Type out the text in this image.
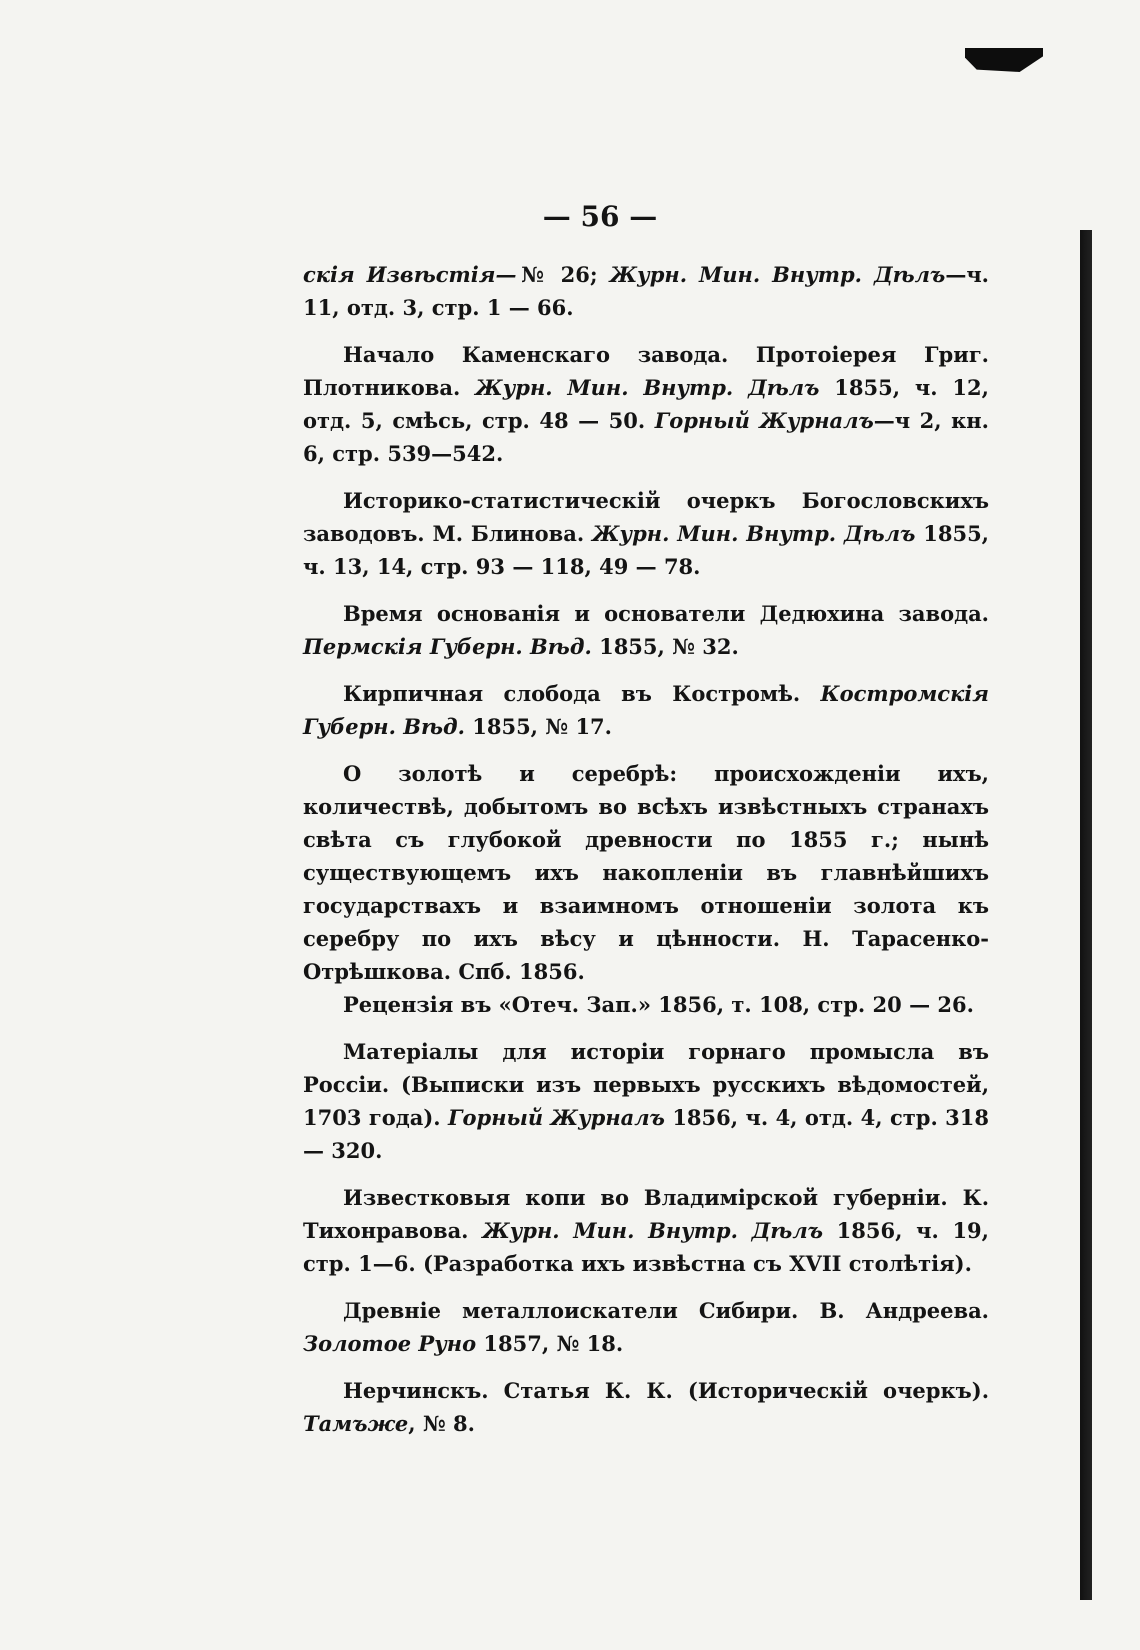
— 56 —

скія Извѣстія—№ 26; Журн. Мин. Внутр. Дѣлъ—ч. 11, отд. 3, стр. 1 — 66.

Начало Каменскаго завода. Протоіерея Григ. Плотникова. Журн. Мин. Внутр. Дѣлъ 1855, ч. 12, отд. 5, смѣсь, стр. 48 — 50. Горный Журналъ—ч 2, кн. 6, стр. 539—542.

Историко-статистическій очеркъ Богословскихъ заводовъ. М. Блинова. Журн. Мин. Внутр. Дѣлъ 1855, ч. 13, 14, стр. 93 — 118, 49 — 78.

Время основанія и основатели Дедюхина завода. Пермскія Губерн. Вѣд. 1855, № 32.

Кирпичная слобода въ Костромѣ. Костромскія Губерн. Вѣд. 1855, № 17.

О золотѣ и серебрѣ: происхожденіи ихъ, количествѣ, добытомъ во всѣхъ извѣстныхъ странахъ свѣта съ глубокой древности по 1855 г.; нынѣ существующемъ ихъ накопленіи въ главнѣйшихъ государствахъ и взаимномъ отношеніи золота къ серебру по ихъ вѣсу и цѣнности. Н. Тарасенко-Отрѣшкова. Спб. 1856.

Рецензія въ «Отеч. Зап.» 1856, т. 108, стр. 20 — 26.

Матеріалы для исторіи горнаго промысла въ Россіи. (Выписки изъ первыхъ русскихъ вѣдомостей, 1703 года). Горный Журналъ 1856, ч. 4, отд. 4, стр. 318 — 320.

Известковыя копи во Владимірской губерніи. К. Тихонравова. Журн. Мин. Внутр. Дѣлъ 1856, ч. 19, стр. 1—6. (Разработка ихъ извѣстна съ XVII столѣтія).

Древніе металлоискатели Сибири. В. Андреева. Золотое Руно 1857, № 18.

Нерчинскъ. Статья К. К. (Историческій очеркъ). Тамъже, № 8.
